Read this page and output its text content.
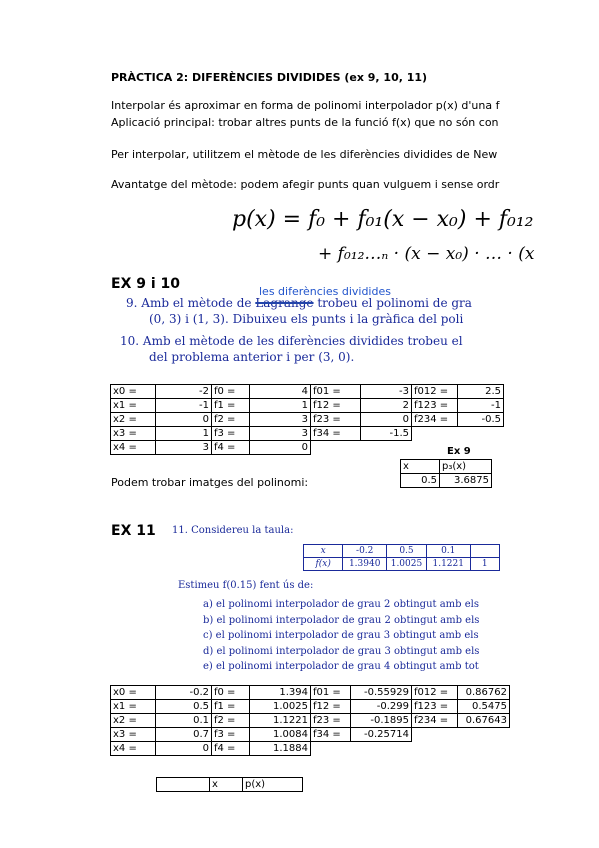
PRÀCTICA 2: DIFERÈNCIES DIVIDIDES (ex 9, 10, 11)
Interpolar és aproximar en forma de polinomi interpolador p(x) d'una f
Aplicació principal: trobar altres punts de la funció f(x) que no són con
Per interpolar, utilitzem el mètode de les diferències dividides de New
Avantatge del mètode: podem afegir punts quan vulguem i sense ordr
p(x) = f₀ + f₀₁(x − x₀) + f₀₁₂
+ f₀₁₂…ₙ · (x − x₀) · … · (x
EX 9 i 10	les diferències dividides
9. Amb el mètode de Lagrange trobeu el polinomi de gra
(0, 3) i (1, 3). Dibuixeu els punts i la gràfica del poli
10. Amb el mètode de les diferències dividides trobeu el
del problema anterior i per (3, 0).
x0 =	-2	f0 =	4	f01 =	-3	f012 =	2.5
x1 =	-1	f1 =	1	f12 =	2	f123 =	-1
x2 =	0	f2 =	3	f23 =	0	f234 =	-0.5
x3 =	1	f3 =	3	f34 =	-1.5		
x4 =	3	f4 =	0					Ex 9
x	p₃(x)
0.5	3.6875
Podem trobar imatges del polinomi:
EX 11 11. Considereu la taula:
x	-0.2	0.5	0.1	
f(x)	1.3940	1.0025	1.1221	1
Estimeu f(0.15) fent ús de:
a) el polinomi interpolador de grau 2 obtingut amb els
b) el polinomi interpolador de grau 2 obtingut amb els
c) el polinomi interpolador de grau 3 obtingut amb els
d) el polinomi interpolador de grau 3 obtingut amb els
e) el polinomi interpolador de grau 4 obtingut amb tot
x0 =	-0.2	f0 =	1.394	f01 =	-0.55929	f012 =	0.86762
x1 =	0.5	f1 =	1.0025	f12 =	-0.299	f123 =	0.5475
x2 =	0.1	f2 =	1.1221	f23 =	-0.1895	f234 =	0.67643
x3 =	0.7	f3 =	1.0084	f34 =	-0.25714		
x4 =	0	f4 =	1.1884				
	x	p(x)
